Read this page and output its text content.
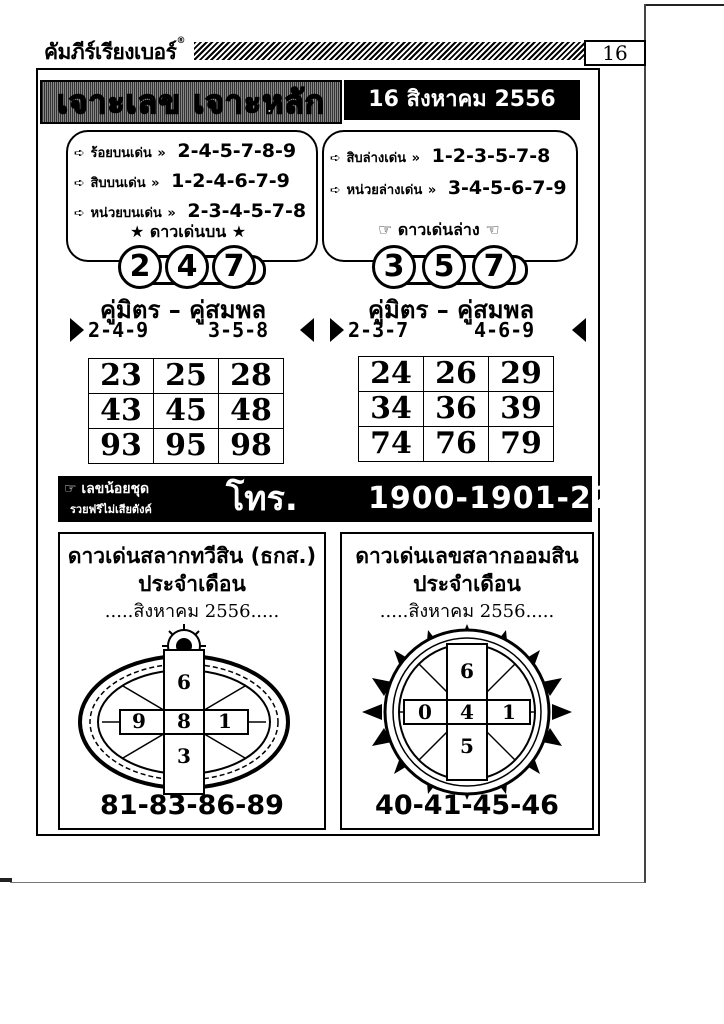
คัมภีร์เรียงเบอร์®	16
เจาะเลข เจาะหลัก	16 สิงหาคม 2556
➪ ร้อยบนเด่น » 2-4-5-7-8-9
➪ สิบบนเด่น » 1-2-4-6-7-9
➪ หน่วยบนเด่น » 2-3-4-5-7-8
★ ดาวเด่นบน ★
2 4 7
คู่มิตร – คู่สมพล
2-4-9	3-5-8
23	25	28
43	45	48
93	95	98
➪ สิบล่างเด่น » 1-2-3-5-7-8
➪ หน่วยล่างเด่น » 3-4-5-6-7-9
☞ ดาวเด่นล่าง ☜
3 5 7
คู่มิตร – คู่สมพล
2-3-7	4-6-9
24	26	29
34	36	39
74	76	79
☞ เลขน้อยชุด
รวยฟรีไม่เสียตังค์ โทร. 1900-1901-22
ดาวเด่นสลากทวีสิน (ธกส.)
ประจำเดือน
.....สิงหาคม 2556.....
6
9 8 1
3
81-83-86-89
ดาวเด่นเลขสลากออมสิน
ประจำเดือน
.....สิงหาคม 2556.....
6
0 4 1
5
40-41-45-46
